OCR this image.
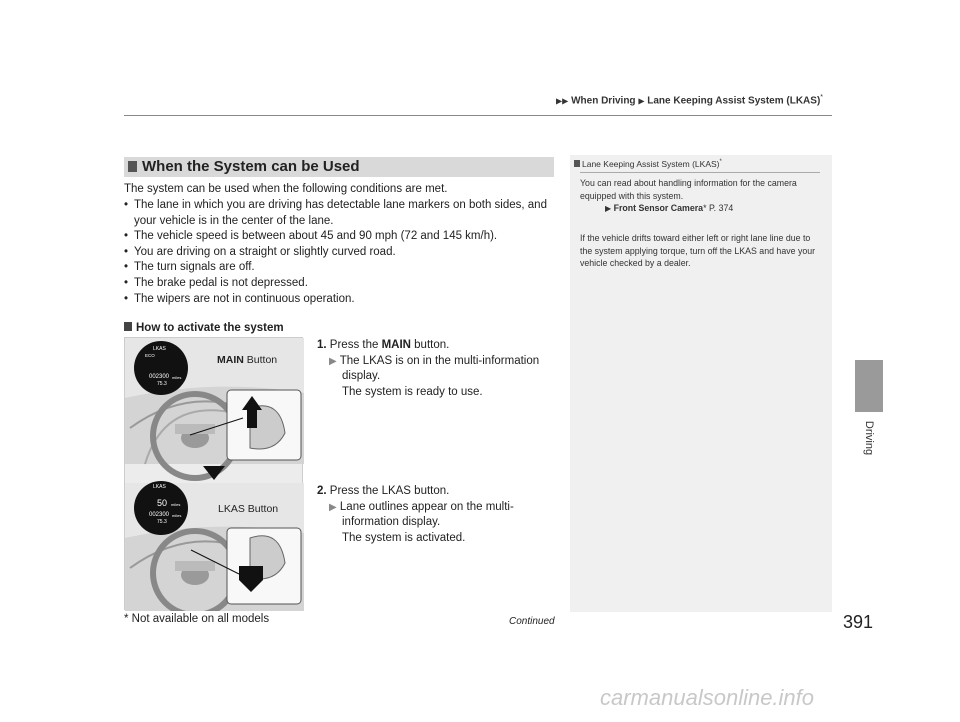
▶▶ When Driving ▶ Lane Keeping Assist System (LKAS)*
Driving
When the System can be Used
The system can be used when the following conditions are met.
• The lane in which you are driving has detectable lane markers on both sides, and your vehicle is in the center of the lane.
• The vehicle speed is between about 45 and 90 mph (72 and 145 km/h).
• You are driving on a straight or slightly curved road.
• The turn signals are off.
• The brake pedal is not depressed.
• The wipers are not in continuous operation.
How to activate the system
LKAS
ECO
002300 miles
75.3
LKAS
50 miles
002300 miles
75.3
MAIN Button
LKAS Button
1. Press the MAIN button.
▶ The LKAS is on in the multi-information
display.
The system is ready to use.
2. Press the LKAS button.
▶ Lane outlines appear on the multi-
information display.
The system is activated.
Lane Keeping Assist System (LKAS)*
You can read about handling information for the camera equipped with this system.
▶ Front Sensor Camera* P. 374
If the vehicle drifts toward either left or right lane line due to the system applying torque, turn off the LKAS and have your vehicle checked by a dealer.
* Not available on all models	Continued	391
carmanualsonline.info
